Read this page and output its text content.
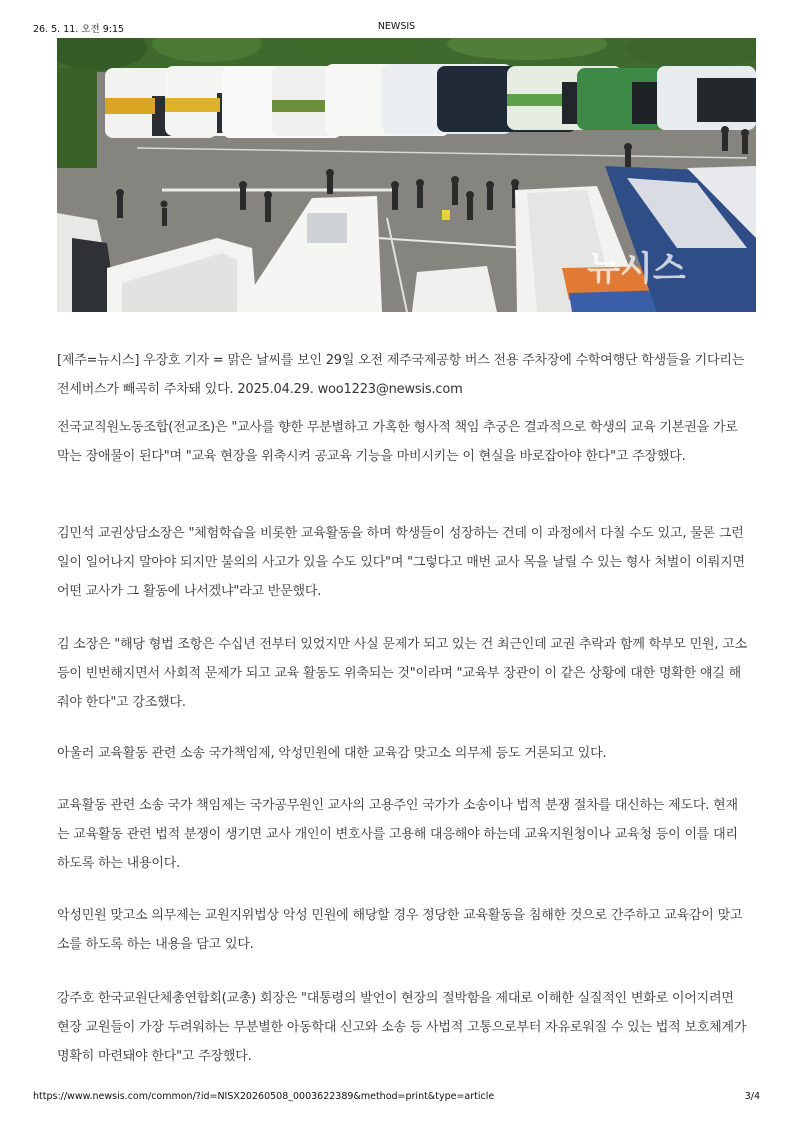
26. 5. 11. 오전 9:15	NEWSIS
뉴시스
[제주=뉴시스] 우장호 기자 = 맑은 날씨를 보인 29일 오전 제주국제공항 버스 전용 주차장에 수학여행단 학생들을 기다리는 전세버스가 빼곡히 주차돼 있다. 2025.04.29. woo1223@newsis.com
전국교직원노동조합(전교조)은 "교사를 향한 무분별하고 가혹한 형사적 책임 추궁은 결과적으로 학생의 교육 기본권을 가로막는 장애물이 된다"며 "교육 현장을 위축시켜 공교육 기능을 마비시키는 이 현실을 바로잡아야 한다"고 주장했다.
김민석 교권상담소장은 "체험학습을 비롯한 교육활동을 하며 학생들이 성장하는 건데 이 과정에서 다칠 수도 있고, 물론 그런 일이 일어나지 말아야 되지만 불의의 사고가 있을 수도 있다"며 "그렇다고 매번 교사 목을 날릴 수 있는 형사 처벌이 이뤄지면 어떤 교사가 그 활동에 나서겠냐"라고 반문했다.
김 소장은 "해당 형법 조항은 수십년 전부터 있었지만 사실 문제가 되고 있는 건 최근인데 교권 추락과 함께 학부모 민원, 고소 등이 빈번해지면서 사회적 문제가 되고 교육 활동도 위축되는 것"이라며 "교육부 장관이 이 같은 상황에 대한 명확한 얘길 해줘야 한다"고 강조했다.
아울러 교육활동 관련 소송 국가책임제, 악성민원에 대한 교육감 맞고소 의무제 등도 거론되고 있다.
교육활동 관련 소송 국가 책임제는 국가공무원인 교사의 고용주인 국가가 소송이나 법적 분쟁 절차를 대신하는 제도다. 현재는 교육활동 관련 법적 분쟁이 생기면 교사 개인이 변호사를 고용해 대응해야 하는데 교육지원청이나 교육청 등이 이를 대리하도록 하는 내용이다.
악성민원 맞고소 의무제는 교원지위법상 악성 민원에 해당할 경우 정당한 교육활동을 침해한 것으로 간주하고 교육감이 맞고소를 하도록 하는 내용을 담고 있다.
강주호 한국교원단체총연합회(교총) 회장은 "대통령의 발언이 현장의 절박함을 제대로 이해한 실질적인 변화로 이어지려면 현장 교원들이 가장 두려워하는 무분별한 아동학대 신고와 소송 등 사법적 고통으로부터 자유로워질 수 있는 법적 보호체계가 명확히 마련돼야 한다"고 주장했다.
https://www.newsis.com/common/?id=NISX20260508_0003622389&method=print&type=article	3/4
